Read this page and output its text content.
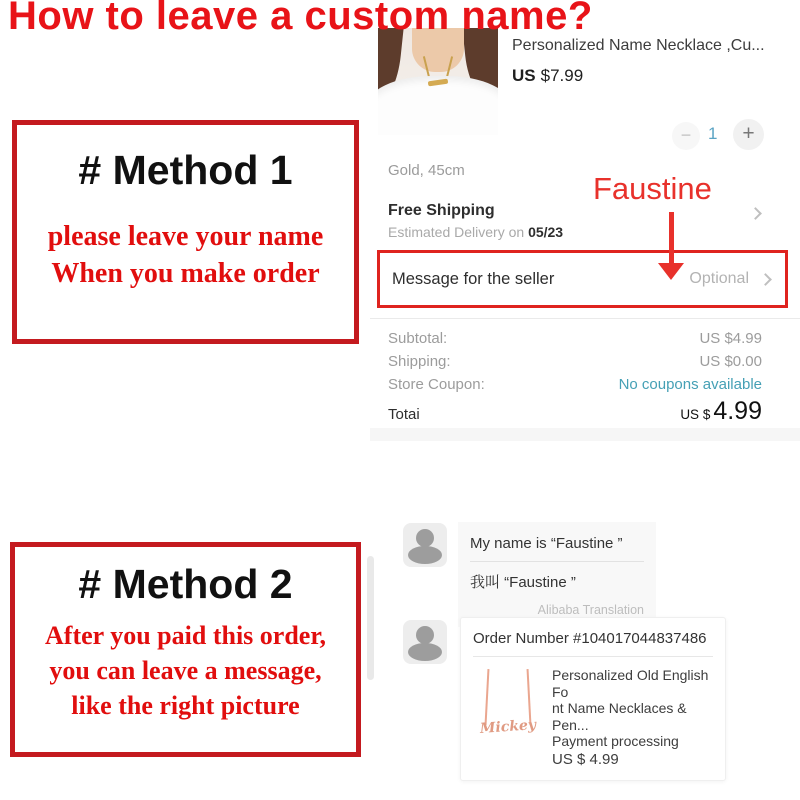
How to leave a custom name?
# Method 1
please leave your name
When you make order
# Method 2
After you paid this order,
you can leave a message,
like the right picture
Personalized Name Necklace ,Cu...
US $7.99
− 1	+
Gold, 45cm
Free Shipping
Estimated Delivery on 05/23
Faustine
Message for the seller	Optional
Subtotal:	US $4.99
Shipping:	US $0.00
Store Coupon:	No coupons available
Totai	US $ 4.99
My name is “Faustine ”
我叫 “Faustine ”
Alibaba Translation
Order Number #104017044837486
Mickey
Personalized Old English Fo
nt Name Necklaces & Pen...
Payment processing
US $ 4.99
